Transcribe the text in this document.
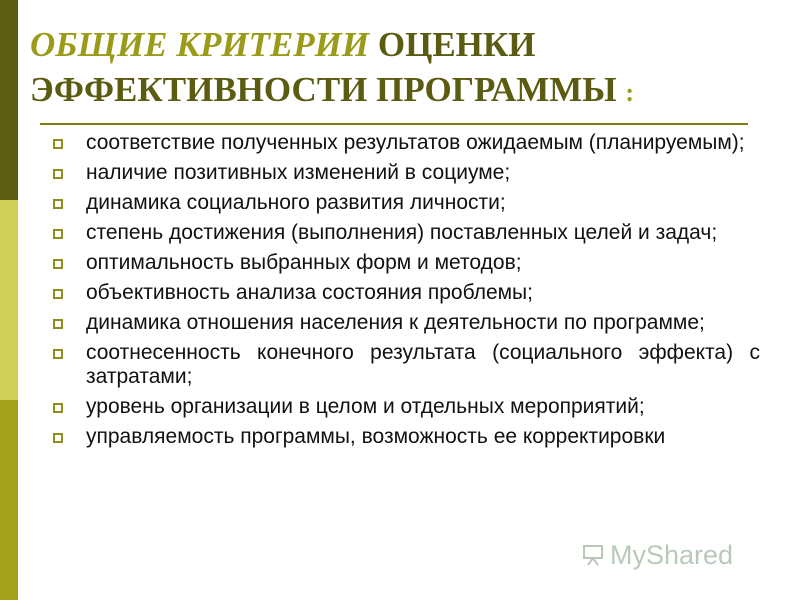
ОБЩИЕ КРИТЕРИИ ОЦЕНКИ
ЭФФЕКТИВНОСТИ ПРОГРАММЫ :
соответствие полученных результатов ожидаемым (планируемым);
наличие позитивных изменений в социуме;
динамика социального развития личности;
степень достижения (выполнения) поставленных целей и задач;
оптимальность выбранных форм и методов;
объективность анализа состояния проблемы;
динамика отношения населения к деятельности по программе;
соотнесенность конечного результата (социального эффекта) с затратами;
уровень организации в целом и отдельных мероприятий;
управляемость программы, возможность ее корректировки
MyShared
